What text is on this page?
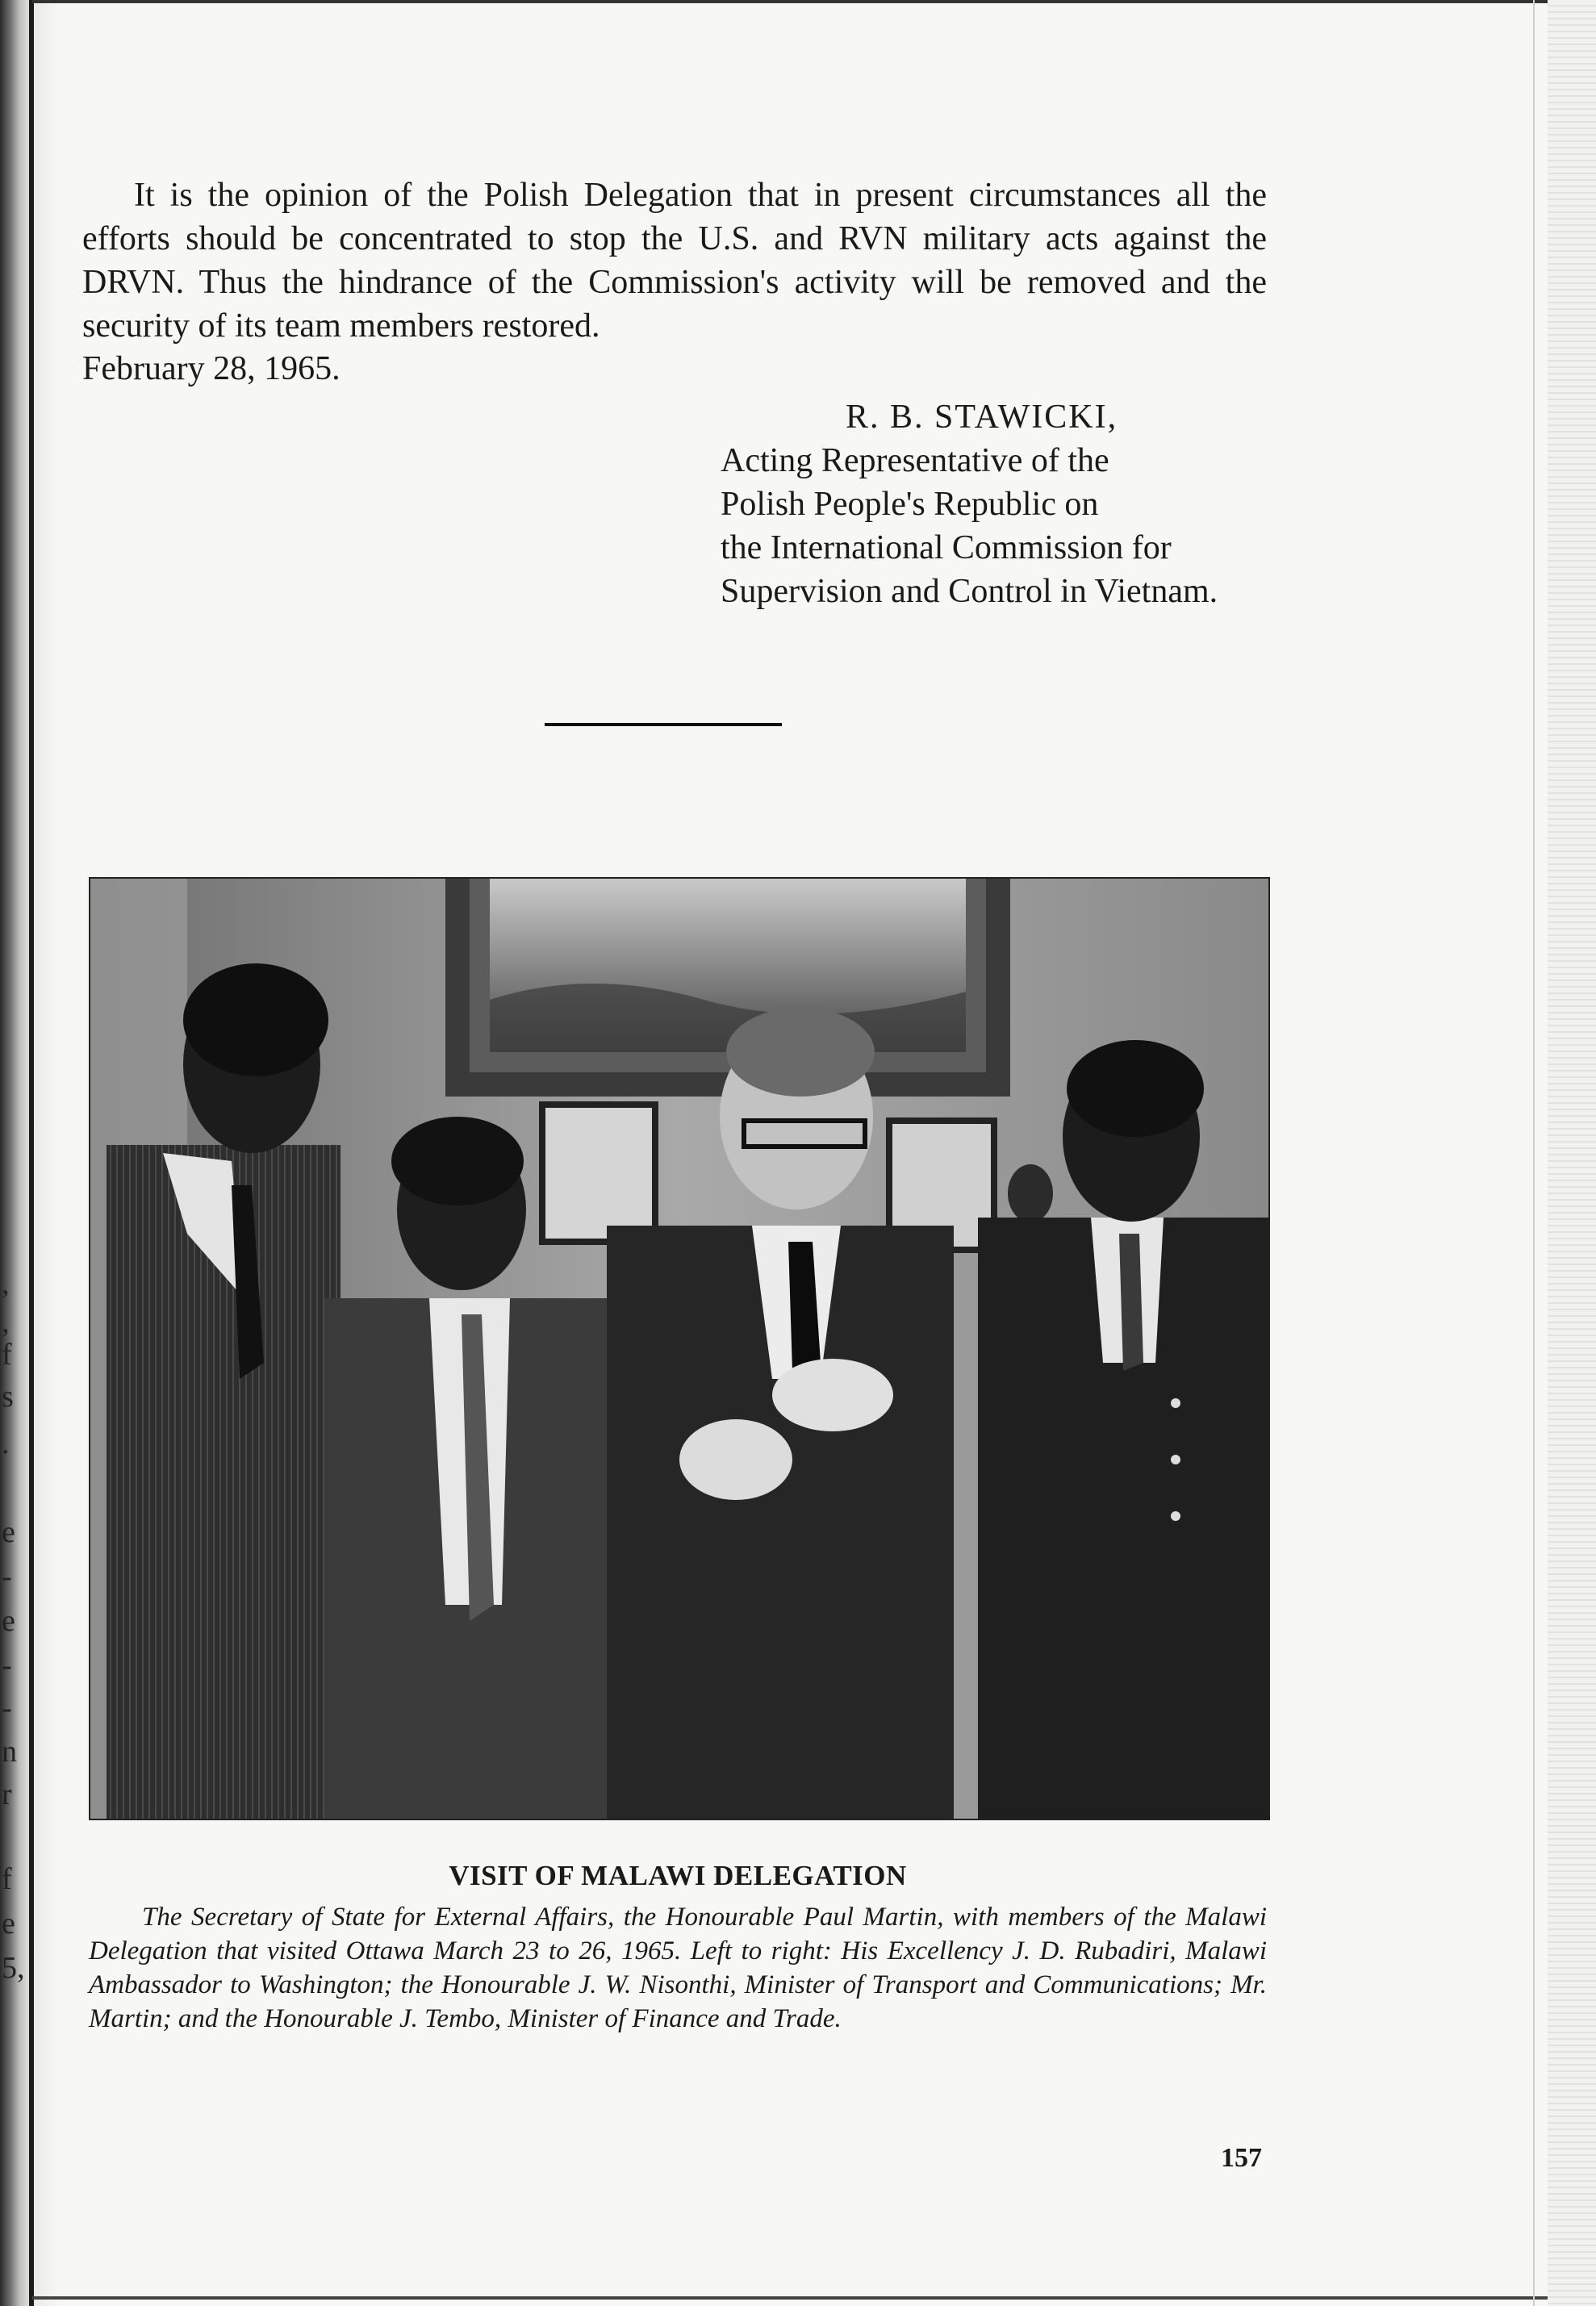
,
,
f
s
.
e
-
e
-
-
n
r
f
e
5,

It is the opinion of the Polish Delegation that in present circumstances all the efforts should be concentrated to stop the U.S. and RVN military acts against the DRVN. Thus the hindrance of the Commission's activity will be removed and the security of its team members restored.

February 28, 1965.

R. B. STAWICKI,

Acting Representative of the

Polish People's Republic on

the International Commission for

Supervision and Control in Vietnam.

VISIT OF MALAWI DELEGATION

The Secretary of State for External Affairs, the Honourable Paul Martin, with members of the Malawi Delegation that visited Ottawa March 23 to 26, 1965. Left to right: His Excellency J. D. Rubadiri, Malawi Ambassador to Washington; the Honourable J. W. Nisonthi, Minister of Transport and Communications; Mr. Martin; and the Honourable J. Tembo, Minister of Finance and Trade.

157
